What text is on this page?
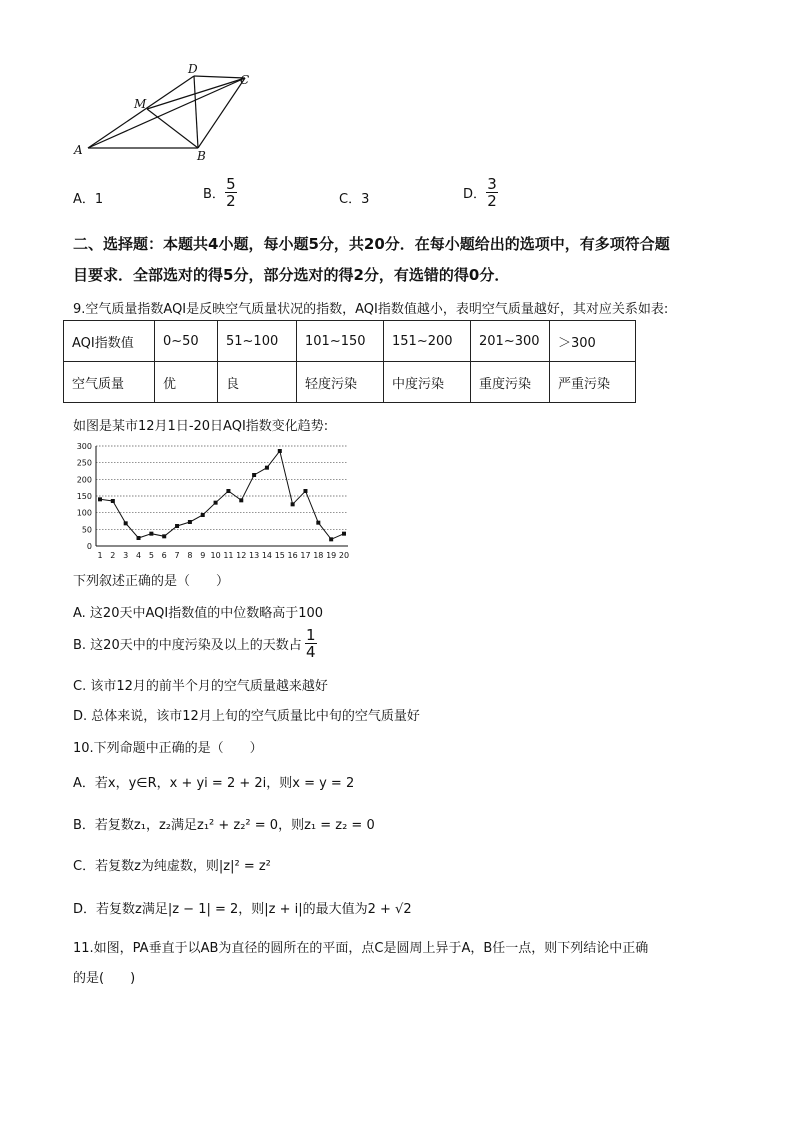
D
C
M
A	B
A．1	B． $\frac{5}{2}$	C．3	D． $\frac{3}{2}$
二、选择题：本题共4小题，每小题5分，共20分．在每小题给出的选项中，有多项符合题
目要求．全部选对的得5分，部分选对的得2分，有选错的得0分．
9.空气质量指数AQI是反映空气质量状况的指数，AQI指数值越小，表明空气质量越好，其对应关系如表:
AQI指数值	0~50	51~100	101~150	151~200	201~300	＞300
空气质量	优	良	轻度污染	中度污染	重度污染	严重污染
如图是某市12月1日-20日AQI指数变化趋势:
0
50
100
150
200
250
300
1 2 3 4 5 6 7 8 9 10 11 12 13 14 15 16 17 18 19 20
下列叙述正确的是（　　）
A. 这20天中AQI指数值的中位数略高于100
B. 这20天中的中度污染及以上的天数占 $\frac{1}{4}$
C. 该市12月的前半个月的空气质量越来越好
D. 总体来说，该市12月上旬的空气质量比中旬的空气质量好
10.下列命题中正确的是（　　）
A．若x，y∈R，x + yi = 2 + 2i，则x = y = 2
B．若复数z₁，z₂满足z₁² + z₂² = 0，则z₁ = z₂ = 0
C．若复数z为纯虚数，则|z|² = z²
D．若复数z满足|z − 1| = 2，则|z + i|的最大值为2 + √2
11.如图，PA垂直于以AB为直径的圆所在的平面，点C是圆周上异于A，B任一点，则下列结论中正确
的是(　　)
